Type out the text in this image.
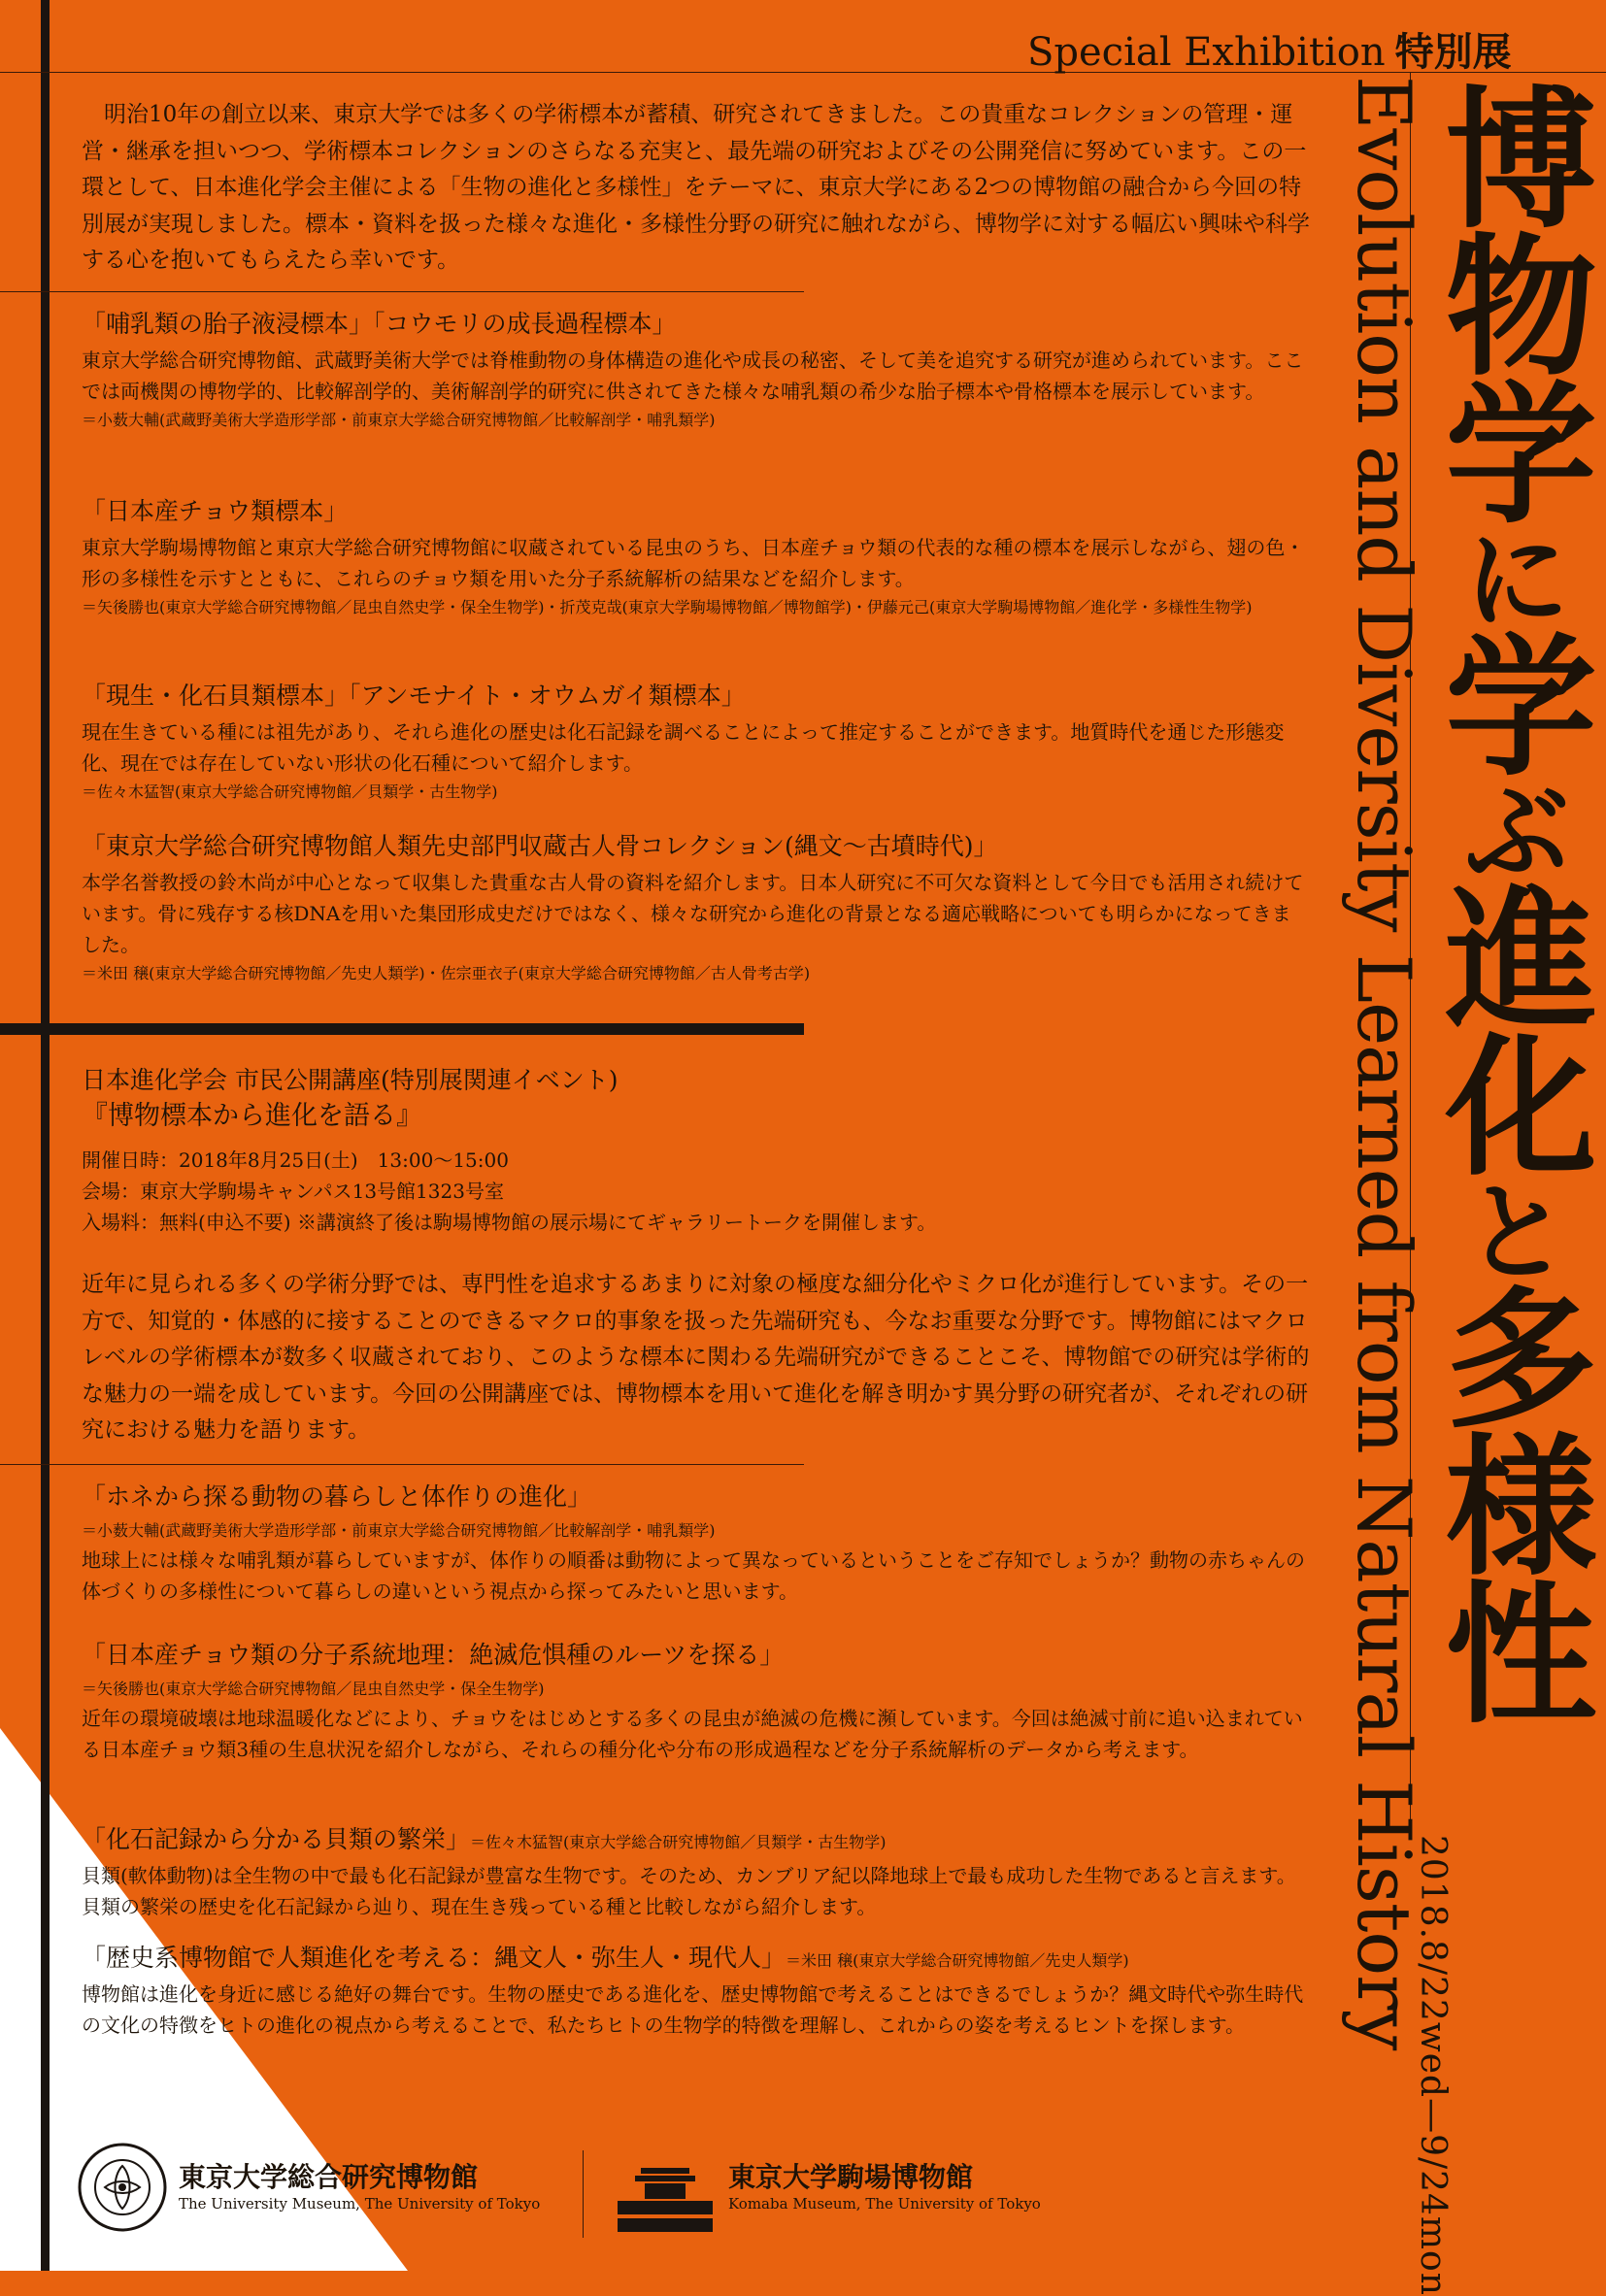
Special Exhibition 特別展
博物学に学ぶ進化と多様性
Evolution and Diversity Learned from Natural History
2018.8/22wed—9/24mon

明治10年の創立以来、東京大学では多くの学術標本が蓄積、研究されてきました。この貴重なコレクションの管理・運営・継承を担いつつ、学術標本コレクションのさらなる充実と、最先端の研究およびその公開発信に努めています。この一環として、日本進化学会主催による「生物の進化と多様性」をテーマに、東京大学にある2つの博物館の融合から今回の特別展が実現しました。標本・資料を扱った様々な進化・多様性分野の研究に触れながら、博物学に対する幅広い興味や科学する心を抱いてもらえたら幸いです。

「哺乳類の胎子液浸標本」「コウモリの成長過程標本」

東京大学総合研究博物館、武蔵野美術大学では脊椎動物の身体構造の進化や成長の秘密、そして美を追究する研究が進められています。ここでは両機関の博物学的、比較解剖学的、美術解剖学的研究に供されてきた様々な哺乳類の希少な胎子標本や骨格標本を展示しています。

＝小薮大輔(武蔵野美術大学造形学部・前東京大学総合研究博物館／比較解剖学・哺乳類学)

「日本産チョウ類標本」

東京大学駒場博物館と東京大学総合研究博物館に収蔵されている昆虫のうち、日本産チョウ類の代表的な種の標本を展示しながら、翅の色・形の多様性を示すとともに、これらのチョウ類を用いた分子系統解析の結果などを紹介します。

＝矢後勝也(東京大学総合研究博物館／昆虫自然史学・保全生物学)・折茂克哉(東京大学駒場博物館／博物館学)・伊藤元己(東京大学駒場博物館／進化学・多様性生物学)

「現生・化石貝類標本」「アンモナイト・オウムガイ類標本」

現在生きている種には祖先があり、それら進化の歴史は化石記録を調べることによって推定することができます。地質時代を通じた形態変化、現在では存在していない形状の化石種について紹介します。

＝佐々木猛智(東京大学総合研究博物館／貝類学・古生物学)

「東京大学総合研究博物館人類先史部門収蔵古人骨コレクション(縄文〜古墳時代)」

本学名誉教授の鈴木尚が中心となって収集した貴重な古人骨の資料を紹介します。日本人研究に不可欠な資料として今日でも活用され続けています。骨に残存する核DNAを用いた集団形成史だけではなく、様々な研究から進化の背景となる適応戦略についても明らかになってきました。

＝米田 穣(東京大学総合研究博物館／先史人類学)・佐宗亜衣子(東京大学総合研究博物館／古人骨考古学)

日本進化学会 市民公開講座(特別展関連イベント)

『博物標本から進化を語る』

開催日時：2018年8月25日(土)　13:00〜15:00

会場：東京大学駒場キャンパス13号館1323号室

入場料：無料(申込不要) ※講演終了後は駒場博物館の展示場にてギャラリートークを開催します。

近年に見られる多くの学術分野では、専門性を追求するあまりに対象の極度な細分化やミクロ化が進行しています。その一方で、知覚的・体感的に接することのできるマクロ的事象を扱った先端研究も、今なお重要な分野です。博物館にはマクロレベルの学術標本が数多く収蔵されており、このような標本に関わる先端研究ができることこそ、博物館での研究は学術的な魅力の一端を成しています。今回の公開講座では、博物標本を用いて進化を解き明かす異分野の研究者が、それぞれの研究における魅力を語ります。

「ホネから探る動物の暮らしと体作りの進化」

＝小薮大輔(武蔵野美術大学造形学部・前東京大学総合研究博物館／比較解剖学・哺乳類学)

地球上には様々な哺乳類が暮らしていますが、体作りの順番は動物によって異なっているということをご存知でしょうか？動物の赤ちゃんの体づくりの多様性について暮らしの違いという視点から探ってみたいと思います。

「日本産チョウ類の分子系統地理：絶滅危惧種のルーツを探る」

＝矢後勝也(東京大学総合研究博物館／昆虫自然史学・保全生物学)

近年の環境破壊は地球温暖化などにより、チョウをはじめとする多くの昆虫が絶滅の危機に瀕しています。今回は絶滅寸前に追い込まれている日本産チョウ類3種の生息状況を紹介しながら、それらの種分化や分布の形成過程などを分子系統解析のデータから考えます。

「化石記録から分かる貝類の繁栄」＝佐々木猛智(東京大学総合研究博物館／貝類学・古生物学)

貝類(軟体動物)は全生物の中で最も化石記録が豊富な生物です。そのため、カンブリア紀以降地球上で最も成功した生物であると言えます。貝類の繁栄の歴史を化石記録から辿り、現在生き残っている種と比較しながら紹介します。

「歴史系博物館で人類進化を考える：縄文人・弥生人・現代人」＝米田 穣(東京大学総合研究博物館／先史人類学)

博物館は進化を身近に感じる絶好の舞台です。生物の歴史である進化を、歴史博物館で考えることはできるでしょうか？縄文時代や弥生時代の文化の特徴をヒトの進化の視点から考えることで、私たちヒトの生物学的特徴を理解し、これからの姿を考えるヒントを探します。

東京大学総合研究博物館
The University Museum, The University of Tokyo
東京大学駒場博物館
Komaba Museum, The University of Tokyo
